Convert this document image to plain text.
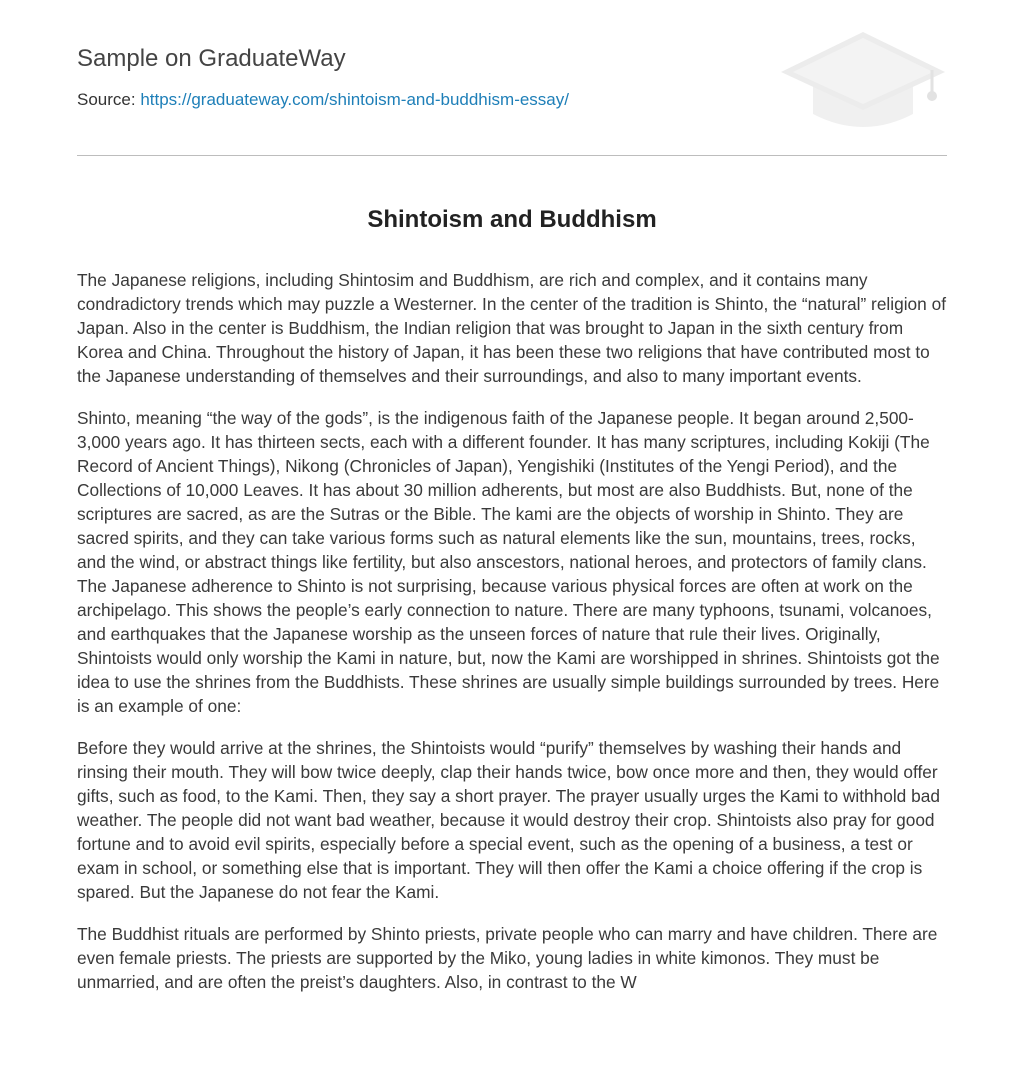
Sample on GraduateWay
Source: https://graduateway.com/shintoism-and-buddhism-essay/
Shintoism and Buddhism

The Japanese religions, including Shintosim and Buddhism, are rich and complex, and it contains many condradictory trends which may puzzle a Westerner. In the center of the tradition is Shinto, the “natural” religion of Japan. Also in the center is Buddhism, the Indian religion that was brought to Japan in the sixth century from Korea and China. Throughout the history of Japan, it has been these two religions that have contributed most to the Japanese understanding of themselves and their surroundings, and also to many important events.

Shinto, meaning “the way of the gods”, is the indigenous faith of the Japanese people. It began around 2,500-3,000 years ago. It has thirteen sects, each with a different founder. It has many scriptures, including Kokiji (The Record of Ancient Things), Nikong (Chronicles of Japan), Yengishiki (Institutes of the Yengi Period), and the Collections of 10,000 Leaves. It has about 30 million adherents, but most are also Buddhists. But, none of the scriptures are sacred, as are the Sutras or the Bible. The kami are the objects of worship in Shinto. They are sacred spirits, and they can take various forms such as natural elements like the sun, mountains, trees, rocks, and the wind, or abstract things like fertility, but also anscestors, national heroes, and protectors of family clans. The Japanese adherence to Shinto is not surprising, because various physical forces are often at work on the archipelago. This shows the people’s early connection to nature. There are many typhoons, tsunami, volcanoes, and earthquakes that the Japanese worship as the unseen forces of nature that rule their lives. Originally, Shintoists would only worship the Kami in nature, but, now the Kami are worshipped in shrines. Shintoists got the idea to use the shrines from the Buddhists. These shrines are usually simple buildings surrounded by trees. Here is an example of one:

Before they would arrive at the shrines, the Shintoists would “purify” themselves by washing their hands and rinsing their mouth. They will bow twice deeply, clap their hands twice, bow once more and then, they would offer gifts, such as food, to the Kami. Then, they say a short prayer. The prayer usually urges the Kami to withhold bad weather. The people did not want bad weather, because it would destroy their crop. Shintoists also pray for good fortune and to avoid evil spirits, especially before a special event, such as the opening of a business, a test or exam in school, or something else that is important. They will then offer the Kami a choice offering if the crop is spared. But the Japanese do not fear the Kami.

The Buddhist rituals are performed by Shinto priests, private people who can marry and have children. There are even female priests. The priests are supported by the Miko, young ladies in white kimonos. They must be unmarried, and are often the preist’s daughters. Also, in contrast to the W
